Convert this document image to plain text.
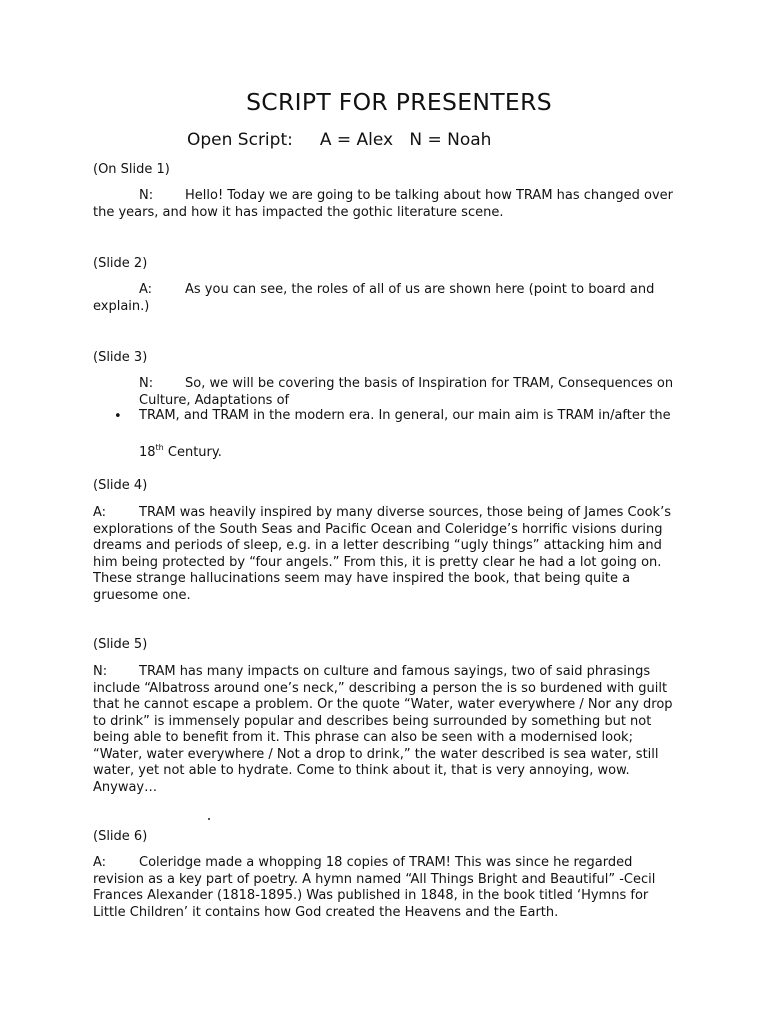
SCRIPT FOR PRESENTERS
Open Script:     A = Alex   N = Noah
(On Slide 1)
N: Hello! Today we are going to be talking about how TRAM has changed over
the years, and how it has impacted the gothic literature scene.
(Slide 2)
A:	As you can see, the roles of all of us are shown here (point to board and
explain.)
(Slide 3)
N: So, we will be covering the basis of Inspiration for TRAM, Consequences on
Culture, Adaptations of
• TRAM, and TRAM in the modern era. In general, our main aim is TRAM in/after the
18th Century.
(Slide 4)
A:	TRAM was heavily inspired by many diverse sources, those being of James Cook’s
explorations of the South Seas and Pacific Ocean and Coleridge’s horrific visions during
dreams and periods of sleep, e.g. in a letter describing “ugly things” attacking him and
him being protected by “four angels.” From this, it is pretty clear he had a lot going on.
These strange hallucinations seem may have inspired the book, that being quite a
gruesome one.
(Slide 5)
N: TRAM has many impacts on culture and famous sayings, two of said phrasings
include “Albatross around one’s neck,” describing a person the is so burdened with guilt
that he cannot escape a problem. Or the quote “Water, water everywhere / Nor any drop
to drink” is immensely popular and describes being surrounded by something but not
being able to benefit from it. This phrase can also be seen with a modernised look;
“Water, water everywhere / Not a drop to drink,” the water described is sea water, still
water, yet not able to hydrate. Come to think about it, that is very annoying, wow.
Anyway…
(Slide 6)
A:	Coleridge made a whopping 18 copies of TRAM! This was since he regarded
revision as a key part of poetry. A hymn named “All Things Bright and Beautiful” -Cecil
Frances Alexander (1818-1895.) Was published in 1848, in the book titled ‘Hymns for
Little Children’ it contains how God created the Heavens and the Earth.
